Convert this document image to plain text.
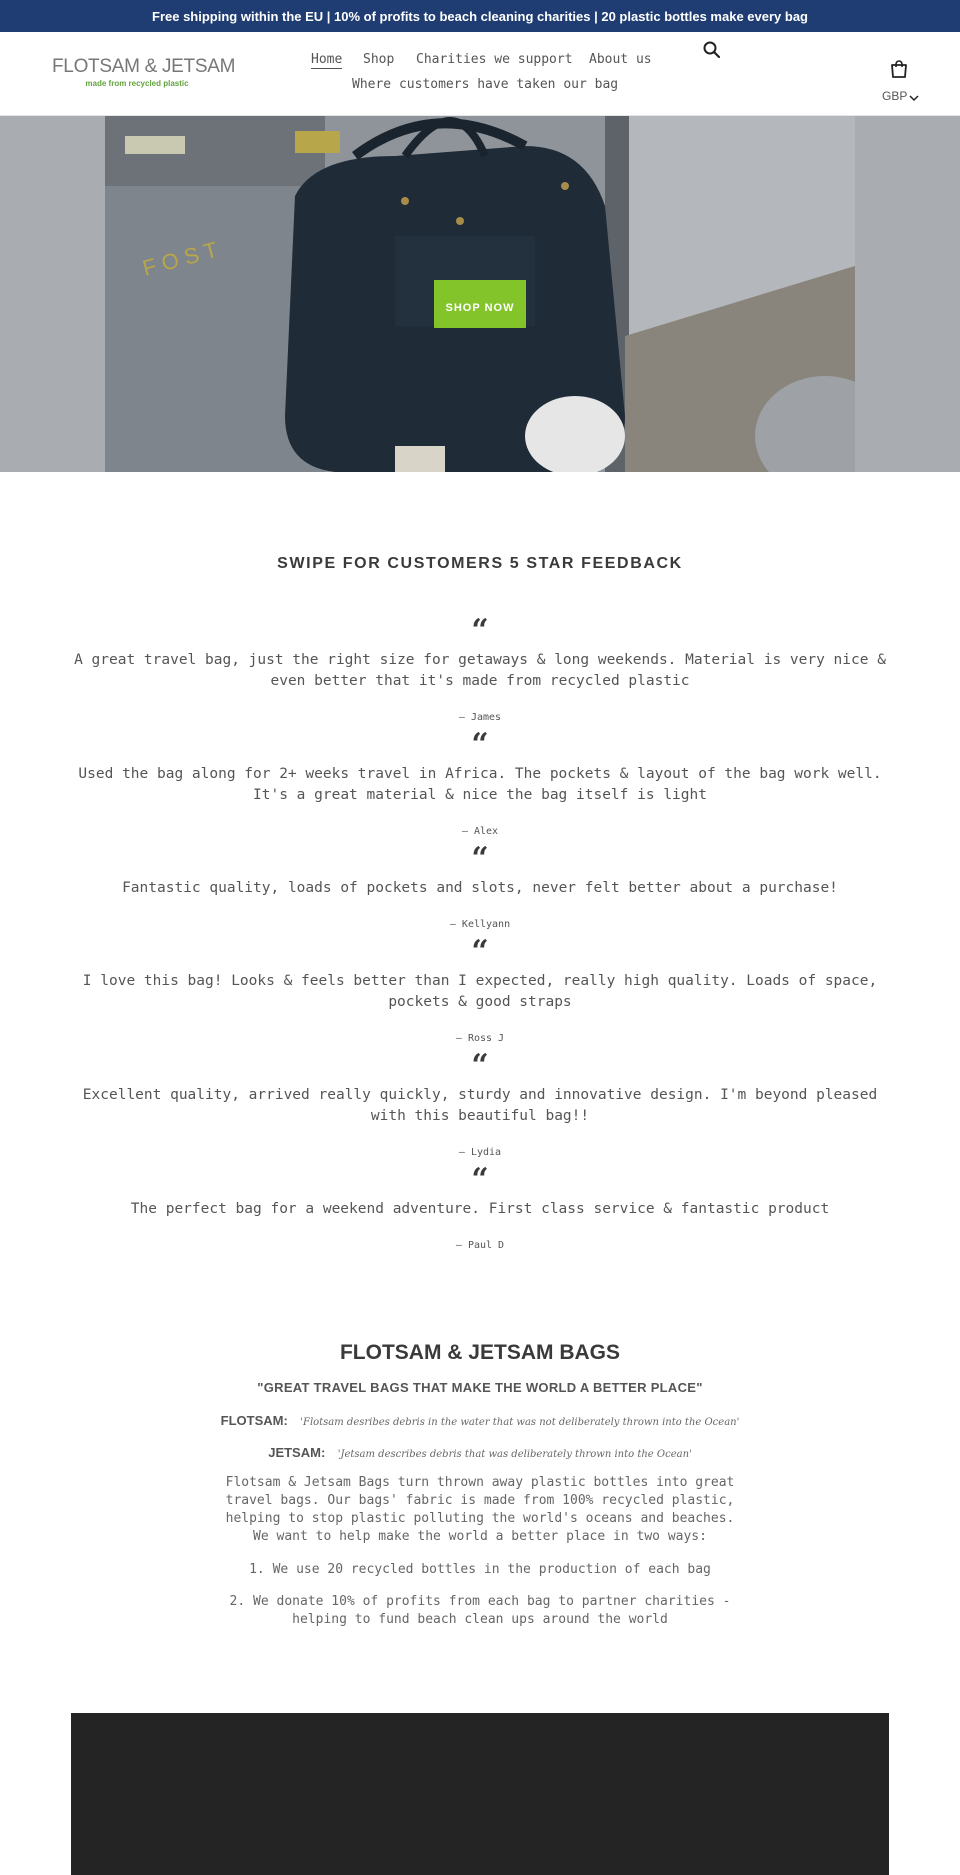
Free shipping within the EU | 10% of profits to beach cleaning charities | 20 plastic bottles make every bag
FLOTSAM & JETSAM
made from recycled plastic
Home Shop Charities we support About us
Where customers have taken our bag
GBP
F O S T
SHOP NOW
SWIPE FOR CUSTOMERS 5 STAR FEEDBACK
“
A great travel bag, just the right size for getaways & long weekends. Material is very nice & even better that it's made from recycled plastic
— James
“
Used the bag along for 2+ weeks travel in Africa. The pockets & layout of the bag work well. It's a great material & nice the bag itself is light
— Alex
“
Fantastic quality, loads of pockets and slots, never felt better about a purchase!
— Kellyann
“
I love this bag! Looks & feels better than I expected, really high quality. Loads of space, pockets & good straps
— Ross J
“
Excellent quality, arrived really quickly, sturdy and innovative design. I'm beyond pleased with this beautiful bag!!
— Lydia
“
The perfect bag for a weekend adventure. First class service & fantastic product
— Paul D
FLOTSAM & JETSAM BAGS
"GREAT TRAVEL BAGS THAT MAKE THE WORLD A BETTER PLACE"
FLOTSAM: 'Flotsam desribes debris in the water that was not deliberately thrown into the Ocean'
JETSAM: 'Jetsam describes debris that was deliberately thrown into the Ocean'
Flotsam & Jetsam Bags turn thrown away plastic bottles into great travel bags. Our bags' fabric is made from 100% recycled plastic, helping to stop plastic polluting the world's oceans and beaches. We want to help make the world a better place in two ways:
1. We use 20 recycled bottles in the production of each bag
2. We donate 10% of profits from each bag to partner charities - helping to fund beach clean ups around the world
